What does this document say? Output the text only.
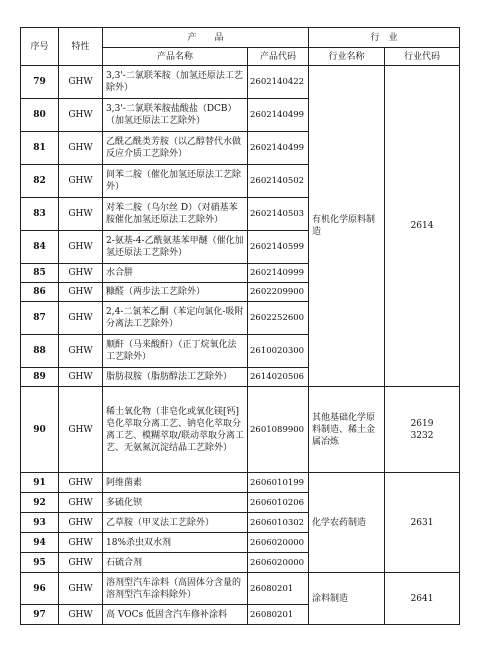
序号	特性	产　　品		行　业	
		产品名称	产品代码	行业名称	行业代码
79	GHW	3,3'-二氯联苯胺（加氢还原法工艺除外）	2602140422	有机化学原料制造	2614
80	GHW	3,3'-二氯联苯胺盐酸盐（DCB）（加氢还原法工艺除外）	2602140499		
81	GHW	乙酰乙酰类芳胺（以乙醇替代水做反应介质工艺除外）	2602140499		
82	GHW	间苯二胺（催化加氢还原法工艺除外）	2602140502		
83	GHW	对苯二胺（乌尔丝 D）（对硝基苯胺催化加氢还原法工艺除外）	2602140503		
84	GHW	2-氨基-4-乙酰氨基苯甲醚（催化加氢还原法工艺除外）	2602140599		
85	GHW	水合肼	2602140999		
86	GHW	糠醛（两步法工艺除外）	2602209900		
87	GHW	2,4-二氯苯乙酮（苯定向氯化-吸附分离法工艺除外）	2602252600		
88	GHW	顺酐（马来酸酐）（正丁烷氧化法工艺除外）	2610020300		
89	GHW	脂肪叔胺（脂肪醇法工艺除外）	2614020506		
90	GHW	稀土氧化物（非皂化或氧化镁[钙]皂化萃取分离工艺、钠皂化萃取分离工艺、模糊萃取/联动萃取分离工艺、无氨氮沉淀结晶工艺除外）	2601089900	其他基础化学原料制造、稀土金属冶炼	2619
3232
91	GHW	阿维菌素	2606010199	化学农药制造	2631
92	GHW	多硫化钡	2606010206		
93	GHW	乙草胺（甲叉法工艺除外）	2606010302		
94	GHW	18%杀虫双水剂	2606020000		
95	GHW	石硫合剂	2606020000		
96	GHW	溶剂型汽车涂料（高固体分含量的溶剂型汽车涂料除外）	26080201	涂料制造	2641
97	GHW	高 VOCs 低固含汽车修补涂料	26080201		
